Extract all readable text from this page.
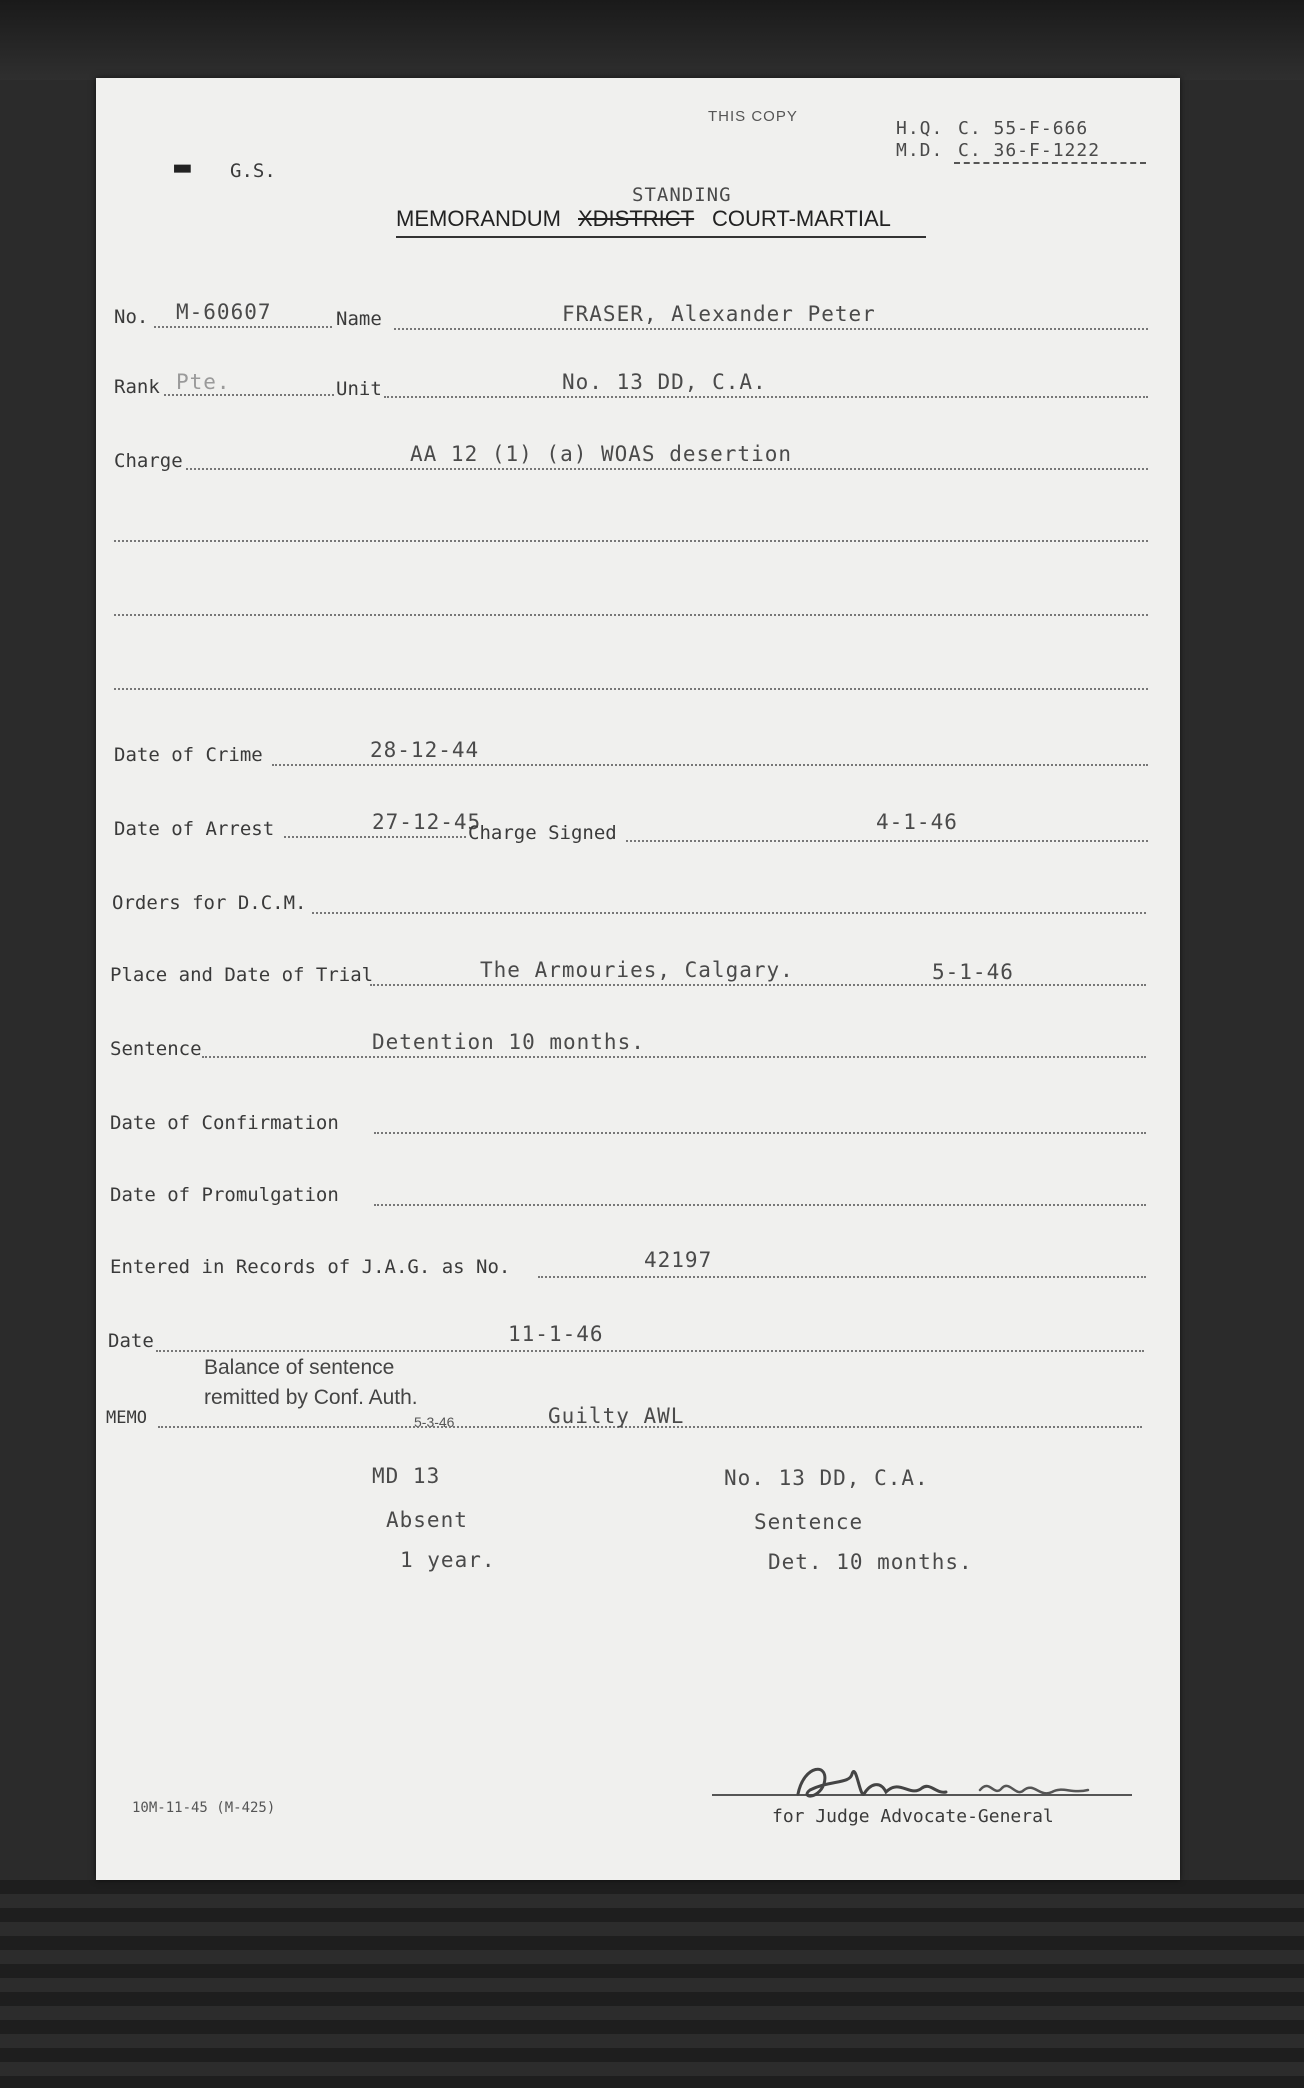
THIS COPY
H.Q. C. 55-F-666
M.D. C. 36-F-1222
▬ G.S.
STANDING
MEMORANDUM XDISTRICT COURT-MARTIAL
No. M-60607	Name	FRASER, Alexander Peter
Rank Pte.	Unit	No. 13 DD, C.A.
Charge	AA 12 (1) (a) WOAS desertion
Date of Crime	28-12-44
Date of Arrest	27-12-45
Charge Signed	4-1-46
Orders for D.C.M.
Place and Date of Trial	The Armouries, Calgary.	5-1-46
Sentence	Detention 10 months.
Date of Confirmation
Date of Promulgation
Entered in Records of J.A.G. as No.	42197
Date	11-1-46
Balance of sentence
remitted by Conf. Auth.
5-3-46
MEMO	Guilty AWL
MD 13
Absent
1 year.
No. 13 DD, C.A.
Sentence
Det. 10 months.
10M-11-45 (M-425)	for Judge Advocate-General
